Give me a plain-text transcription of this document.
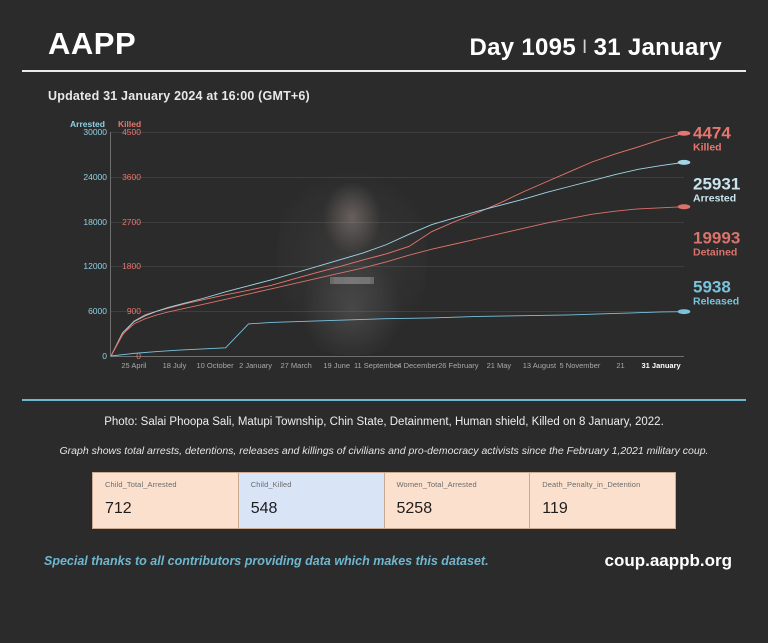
AAPP	Day 1095 I 31 January
Updated 31 January 2024 at 16:00 (GMT+6)
Arrested Killed
0	0
6000 900
12000 1800
18000 2700
24000 3600
30000 4500
25 April 18 July 10 October 2 January 27 March 19 June 11 September
4 December 26 February 21 May 13 August 5 November 21 31 January
4474
Killed
25931
Arrested
19993
Detained
5938
Released
Photo: Salai Phoopa Sali, Matupi Township, Chin State, Detainment, Human shield, Killed on 8 January, 2022.
Graph shows total arrests, detentions, releases and killings of civilians and pro-democracy activists since the February 1,2021 military coup.
Child_Total_Arrested
712
Child_Killed
548
Women_Total_Arrested
5258
Death_Penalty_in_Detention
119
Special thanks to all contributors providing data which makes this dataset.	coup.aappb.org
